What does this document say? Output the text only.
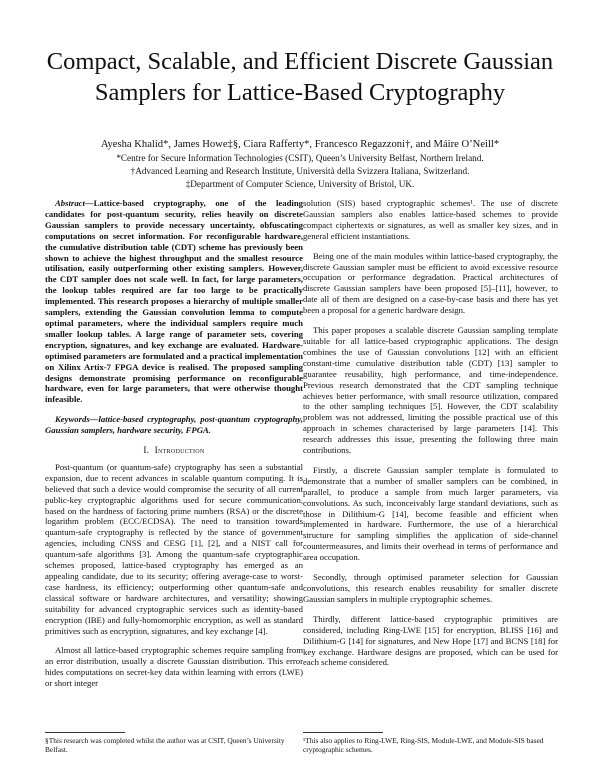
Compact, Scalable, and Efficient Discrete Gaussian Samplers for Lattice-Based Cryptography
Ayesha Khalid*, James Howe‡§, Ciara Rafferty*, Francesco Regazzoni†, and Máire O’Neill*
*Centre for Secure Information Technologies (CSIT), Queen’s University Belfast, Northern Ireland.
†Advanced Learning and Research Institute, Università della Svizzera Italiana, Switzerland.
‡Department of Computer Science, University of Bristol, UK.

Abstract—Lattice-based cryptography, one of the leading candidates for post-quantum security, relies heavily on discrete Gaussian samplers to provide necessary uncertainty, obfuscating computations on secret information. For reconfigurable hardware, the cumulative distribution table (CDT) scheme has previously been shown to achieve the highest throughput and the smallest resource utilisation, easily outperforming other existing samplers. However, the CDT sampler does not scale well. In fact, for large parameters, the lookup tables required are far too large to be practically implemented. This research proposes a hierarchy of multiple smaller samplers, extending the Gaussian convolution lemma to compute optimal parameters, where the individual samplers require much smaller lookup tables. A large range of parameter sets, covering encryption, signatures, and key exchange are evaluated. Hardware-optimised parameters are formulated and a practical implementation on Xilinx Artix-7 FPGA device is realised. The proposed sampling designs demonstrate promising performance on reconfigurable hardware, even for large parameters, that were otherwise thought infeasible.

Keywords—lattice-based cryptography, post-quantum cryptography, Gaussian samplers, hardware security, FPGA.

I. Introduction

Post-quantum (or quantum-safe) cryptography has seen a substantial expansion, due to recent advances in scalable quantum computing. It is believed that such a device would compromise the security of all current public-key cryptographic algorithms used for secure communication, based on the hardness of factoring prime numbers (RSA) or the discrete logarithm problem (ECC/ECDSA). The need to transition towards quantum-safe cryptography is reflected by the stance of government agencies, including CNSS and CESG [1], [2], and a NIST call for quantum-safe algorithms [3]. Among the quantum-safe cryptographic schemes proposed, lattice-based cryptography has emerged as an appealing candidate, due to its security; offering average-case to worst-case hardness, its efficiency; outperforming other quantum-safe and classical software or hardware architectures, and versatility; showing suitability for advanced cryptographic services such as identity-based encryption (IBE) and fully-homomorphic encryption, as well as standard primitives such as encryption, signatures, and key exchange [4].

Almost all lattice-based cryptographic schemes require sampling from an error distribution, usually a discrete Gaussian distribution. This error hides computations on secret-key data within learning with errors (LWE) or short integer

solution (SIS) based cryptographic schemes¹. The use of discrete Gaussian samplers also enables lattice-based schemes to provide compact ciphertexts or signatures, as well as smaller key sizes, and in general efficient instantiations.

Being one of the main modules within lattice-based cryptography, the discrete Gaussian sampler must be efficient to avoid excessive resource occupation or performance degradation. Practical architectures of discrete Gaussian samplers have been proposed [5]–[11], however, to date all of them are designed on a case-by-case basis and there has yet been a proposal for a generic hardware design.

This paper proposes a scalable discrete Gaussian sampling template suitable for all lattice-based cryptographic applications. The design combines the use of Gaussian convolutions [12] with an efficient constant-time cumulative distribution table (CDT) [13] sampler to guarantee reusability, high performance, and time-independence. Previous research demonstrated that the CDT sampling technique achieves better performance, with small resource utilization, compared to the other sampling techniques [5]. However, the CDT scalability problem was not addressed, limiting the possible practical use of this approach in schemes characterised by large parameters [14]. This research addresses this issue, presenting the following three main contributions.

Firstly, a discrete Gaussian sampler template is formulated to demonstrate that a number of smaller samplers can be combined, in parallel, to produce a sample from much larger parameters, via convolutions. As such, inconceivably large standard deviations, such as those in Dilithium-G [14], become feasible and efficient when implemented in hardware. Furthermore, the use of a hierarchical structure for sampling simplifies the application of side-channel countermeasures, and limits their overhead in terms of performance and area occupation.

Secondly, through optimised parameter selection for Gaussian convolutions, this research enables reusability for smaller discrete Gaussian samplers in multiple cryptographic schemes.

Thirdly, different lattice-based cryptographic primitives are considered, including Ring-LWE [15] for encryption, BLISS [16] and Dilithium-G [14] for signatures, and New Hope [17] and BCNS [18] for key exchange. Hardware designs are proposed, which can be used for each scheme considered.

§This research was completed whilst the author was at CSIT, Queen’s University Belfast.
¹This also applies to Ring-LWE, Ring-SIS, Module-LWE, and Module-SIS based cryptographic schemes.
